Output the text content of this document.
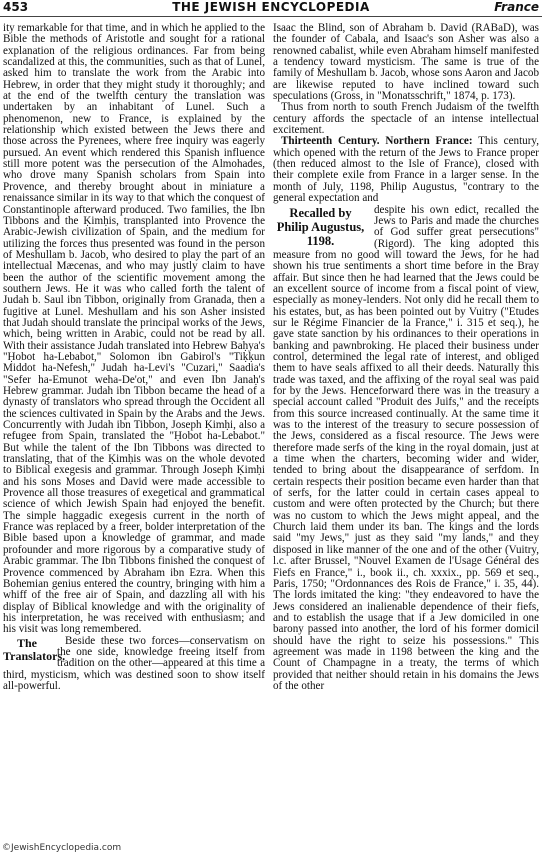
453	THE JEWISH ENCYCLOPEDIA	France

ity remarkable for that time, and in which he applied to the Bible the methods of Aristotle and sought for a rational explanation of the religious ordinances. Far from being scandalized at this, the communities, such as that of Lunel, asked him to translate the work from the Arabic into Hebrew, in order that they might study it thoroughly; and at the end of the twelfth century the translation was undertaken by an inhabitant of Lunel. Such a phenomenon, new to France, is explained by the relationship which existed between the Jews there and those across the Pyrenees, where free inquiry was eagerly pursued. An event which rendered this Spanish influence still more potent was the persecution of the Almohades, who drove many Spanish scholars from Spain into Provence, and thereby brought about in miniature a renaissance similar in its way to that which the conquest of Constantinople afterward produced. Two families, the Ibn Tibbons and the Ḳimḥis, transplanted into Provence the Arabic-Jewish civilization of Spain, and the medium for utilizing the forces thus presented was found in the person of Meshullam b. Jacob, who desired to play the part of an intellectual Mæcenas, and who may justly claim to have been the author of the scientific movement among the southern Jews. He it was who called forth the talent of Judah b. Saul ibn Tibbon, originally from Granada, then a fugitive at Lunel. Meshullam and his son Asher insisted that Judah should translate the principal works of the Jews, which, being written in Arabic, could not be read by all. With their assistance Judah translated into Hebrew Baḥya's "Ḥobot ha-Lebabot," Solomon ibn Gabirol's "Tiḳḳun Middot ha-Nefesh," Judah ha-Levi's "Cuzari," Saadia's "Sefer ha-Emunot weha-De'ot," and even Ibn Janaḥ's Hebrew grammar. Judah ibn Tibbon became the head of a dynasty of translators who spread through the Occident all the sciences cultivated in Spain by the Arabs and the Jews. Concurrently with Judah ibn Tibbon, Joseph Ḳimḥi, also a refugee from Spain, translated the "Ḥobot ha-Lebabot." But while the talent of the Ibn Tibbons was directed to translating, that of the Ḳimḥis was on the whole devoted to Biblical exegesis and grammar. Through Joseph Ḳimḥi and his sons Moses and David were made accessible to Provence all those treasures of exegetical and grammatical science of which Jewish Spain had enjoyed the benefit. The simple haggadic exegesis current in the north of France was replaced by a freer, bolder interpretation of the Bible based upon a knowledge of grammar, and made profounder and more rigorous by a comparative study of Arabic grammar. The Ibn Tibbons finished the conquest of Provence commenced by Abraham ibn Ezra. When this Bohemian genius entered the country, bringing with him a whiff of the free air of Spain, and dazzling all with his display of Biblical knowledge and with the originality of his interpretation, he was received with enthusiasm; and his visit was long remembered.

The Translators.

Beside these two forces—conservatism on the one side, knowledge freeing itself from tradition on the other—appeared at this time a third, mysticism, which was destined soon to show itself all-powerful.

Isaac the Blind, son of Abraham b. David (RABaD), was the founder of Cabala, and Isaac's son Asher was also a renowned cabalist, while even Abraham himself manifested a tendency toward mysticism. The same is true of the family of Meshullam b. Jacob, whose sons Aaron and Jacob are likewise reputed to have inclined toward such speculations (Gross, in "Monatsschrift," 1874, p. 173).

Thus from north to south French Judaism of the twelfth century affords the spectacle of an intense intellectual excitement.

Thirteenth Century. Northern France: This century, which opened with the return of the Jews to France proper (then reduced almost to the Isle of France), closed with their complete exile from France in a larger sense. In the month of July, 1198, Philip Augustus, "contrary to the general expectation and

Recalled by Philip Augustus, 1198.

despite his own edict, recalled the Jews to Paris and made the churches of God suffer great persecutions" (Rigord). The king adopted this measure from no good will toward the Jews, for he had shown his true sentiments a short time before in the Bray affair. But since then he had learned that the Jews could be an excellent source of income from a fiscal point of view, especially as money-lenders. Not only did he recall them to his estates, but, as has been pointed out by Vuitry ("Etudes sur le Régime Financier de la France," i. 315 et seq.), he gave state sanction by his ordinances to their operations in banking and pawnbroking. He placed their business under control, determined the legal rate of interest, and obliged them to have seals affixed to all their deeds. Naturally this trade was taxed, and the affixing of the royal seal was paid for by the Jews. Henceforward there was in the treasury a special account called "Produit des Juifs," and the receipts from this source increased continually. At the same time it was to the interest of the treasury to secure possession of the Jews, considered as a fiscal resource. The Jews were therefore made serfs of the king in the royal domain, just at a time when the charters, becoming wider and wider, tended to bring about the disappearance of serfdom. In certain respects their position became even harder than that of serfs, for the latter could in certain cases appeal to custom and were often protected by the Church; but there was no custom to which the Jews might appeal, and the Church laid them under its ban. The kings and the lords said "my Jews," just as they said "my lands," and they disposed in like manner of the one and of the other (Vuitry, l.c. after Brussel, "Nouvel Examen de l'Usage Général des Fiefs en France," i., book ii., ch. xxxix., pp. 569 et seq., Paris, 1750; "Ordonnances des Rois de France," i. 35, 44). The lords imitated the king: "they endeavored to have the Jews considered an inalienable dependence of their fiefs, and to establish the usage that if a Jew domiciled in one barony passed into another, the lord of his former domicil should have the right to seize his possessions." This agreement was made in 1198 between the king and the Count of Champagne in a treaty, the terms of which provided that neither should retain in his domains the Jews of the other

©JewishEncyclopedia.com
